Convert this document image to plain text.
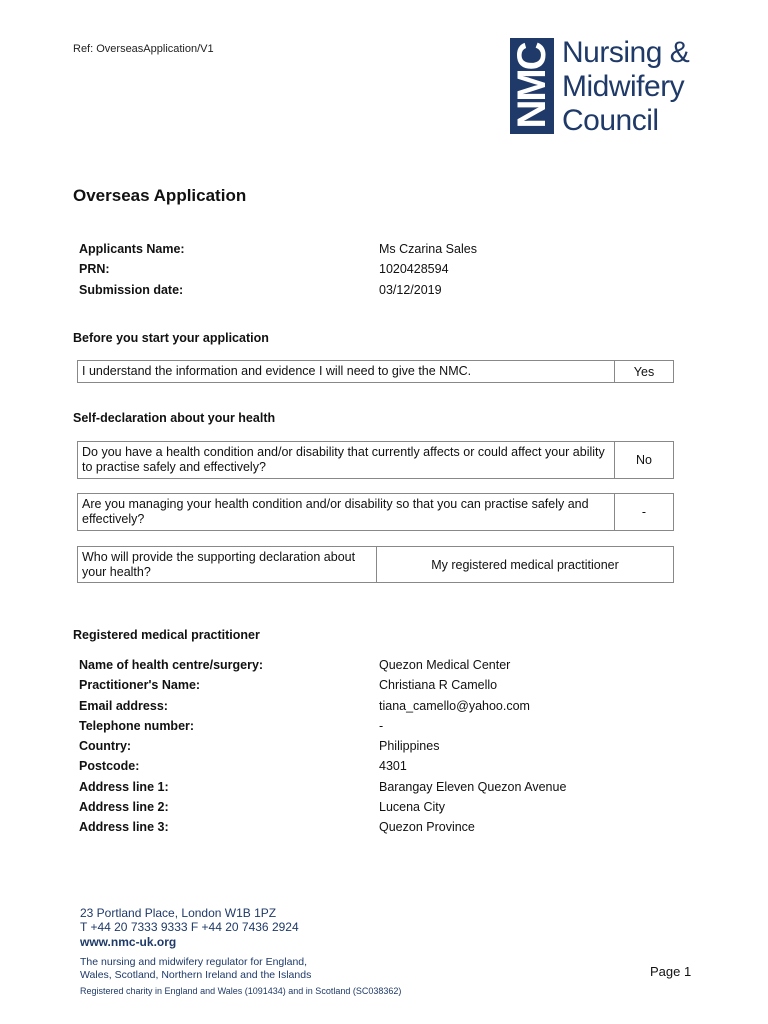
Ref: OverseasApplication/V1	NMC Nursing &
Midwifery
Council
Overseas Application
Applicants Name:	Ms Czarina Sales
PRN:	1020428594
Submission date:	03/12/2019
Before you start your application
I understand the information and evidence I will need to give the NMC.	Yes
Self-declaration about your health
Do you have a health condition and/or disability that currently affects or could affect your ability to practise safely and effectively?	No
Are you managing your health condition and/or disability so that you can practise safely and effectively?	-
Who will provide the supporting declaration about your health?	My registered medical practitioner
Registered medical practitioner
Name of health centre/surgery:	Quezon Medical Center
Practitioner's Name:	Christiana R Camello
Email address:	tiana_camello@yahoo.com
Telephone number:	-
Country:	Philippines
Postcode:	4301
Address line 1:	Barangay Eleven Quezon Avenue
Address line 2:	Lucena City
Address line 3:	Quezon Province
23 Portland Place, London W1B 1PZ
T +44 20 7333 9333 F +44 20 7436 2924
www.nmc-uk.org
The nursing and midwifery regulator for England, Wales, Scotland, Northern Ireland and the Islands
Registered charity in England and Wales (1091434) and in Scotland (SC038362)
Page 1
